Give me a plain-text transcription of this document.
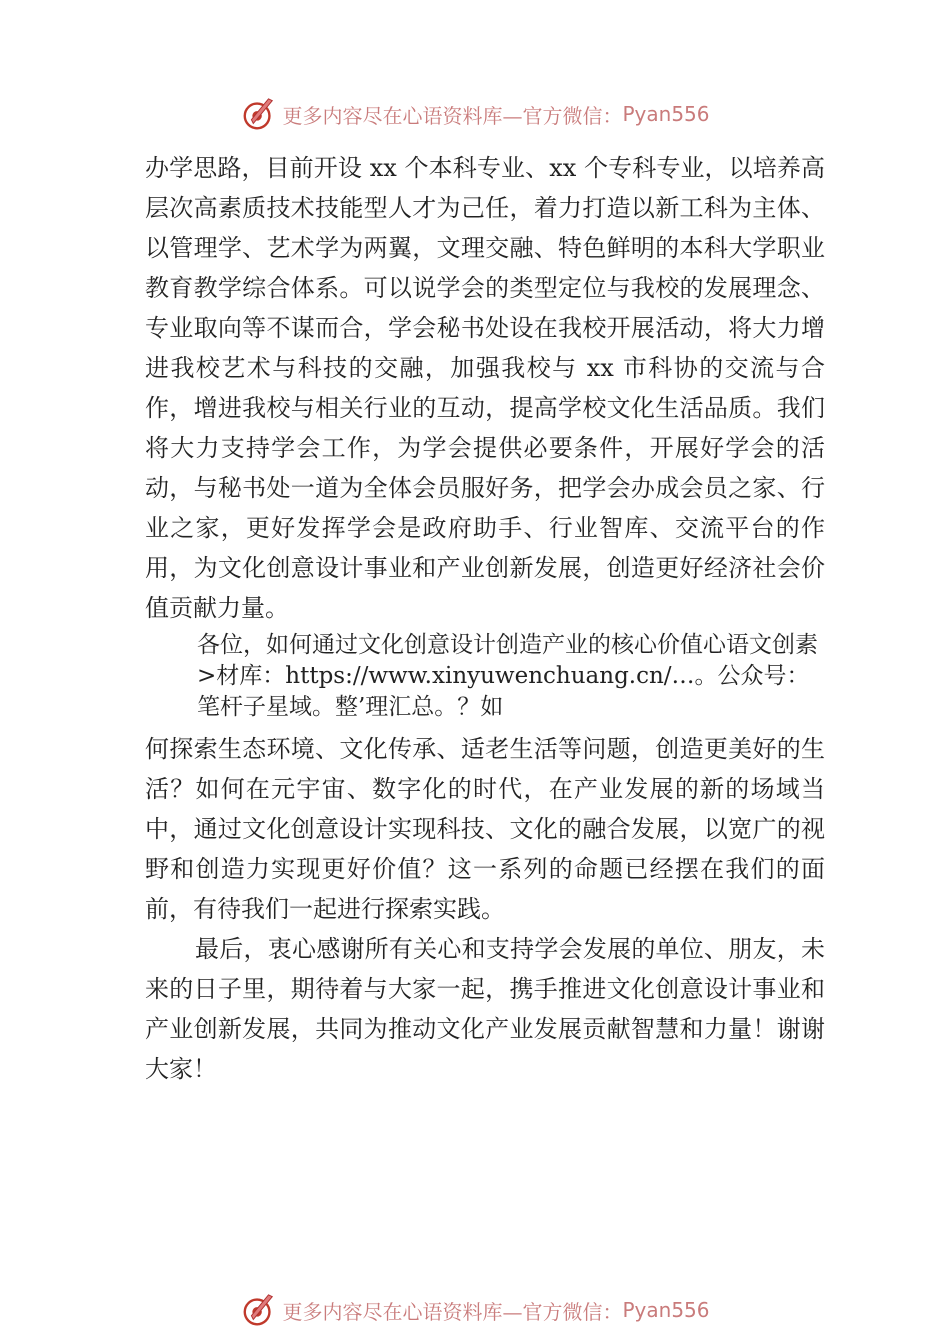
更多内容尽在心语资料库—官方微信： Pyan556

办学思路，目前开设 xx 个本科专业、xx 个专科专业，以培养高层次高素质技术技能型人才为己任，着力打造以新工科为主体、以管理学、艺术学为两翼，文理交融、特色鲜明的本科大学职业教育教学综合体系。可以说学会的类型定位与我校的发展理念、专业取向等不谋而合，学会秘书处设在我校开展活动，将大力增进我校艺术与科技的交融，加强我校与 xx 市科协的交流与合作，增进我校与相关行业的互动，提高学校文化生活品质。我们将大力支持学会工作，为学会提供必要条件，开展好学会的活动，与秘书处一道为全体会员服好务，把学会办成会员之家、行业之家，更好发挥学会是政府助手、行业智库、交流平台的作用，为文化创意设计事业和产业创新发展，创造更好经济社会价值贡献力量。

各位，如何通过文化创意设计创造产业的核心价值心语文创素>材库：https://www.xinyuwenchuang.cn/…。公众号：笔杆子星域。整’理汇总。？如

何探索生态环境、文化传承、适老生活等问题，创造更美好的生活？如何在元宇宙、数字化的时代，在产业发展的新的场域当中，通过文化创意设计实现科技、文化的融合发展，以宽广的视野和创造力实现更好价值？这一系列的命题已经摆在我们的面前，有待我们一起进行探索实践。

最后，衷心感谢所有关心和支持学会发展的单位、朋友，未来的日子里，期待着与大家一起，携手推进文化创意设计事业和产业创新发展，共同为推动文化产业发展贡献智慧和力量！谢谢大家！

更多内容尽在心语资料库—官方微信： Pyan556
